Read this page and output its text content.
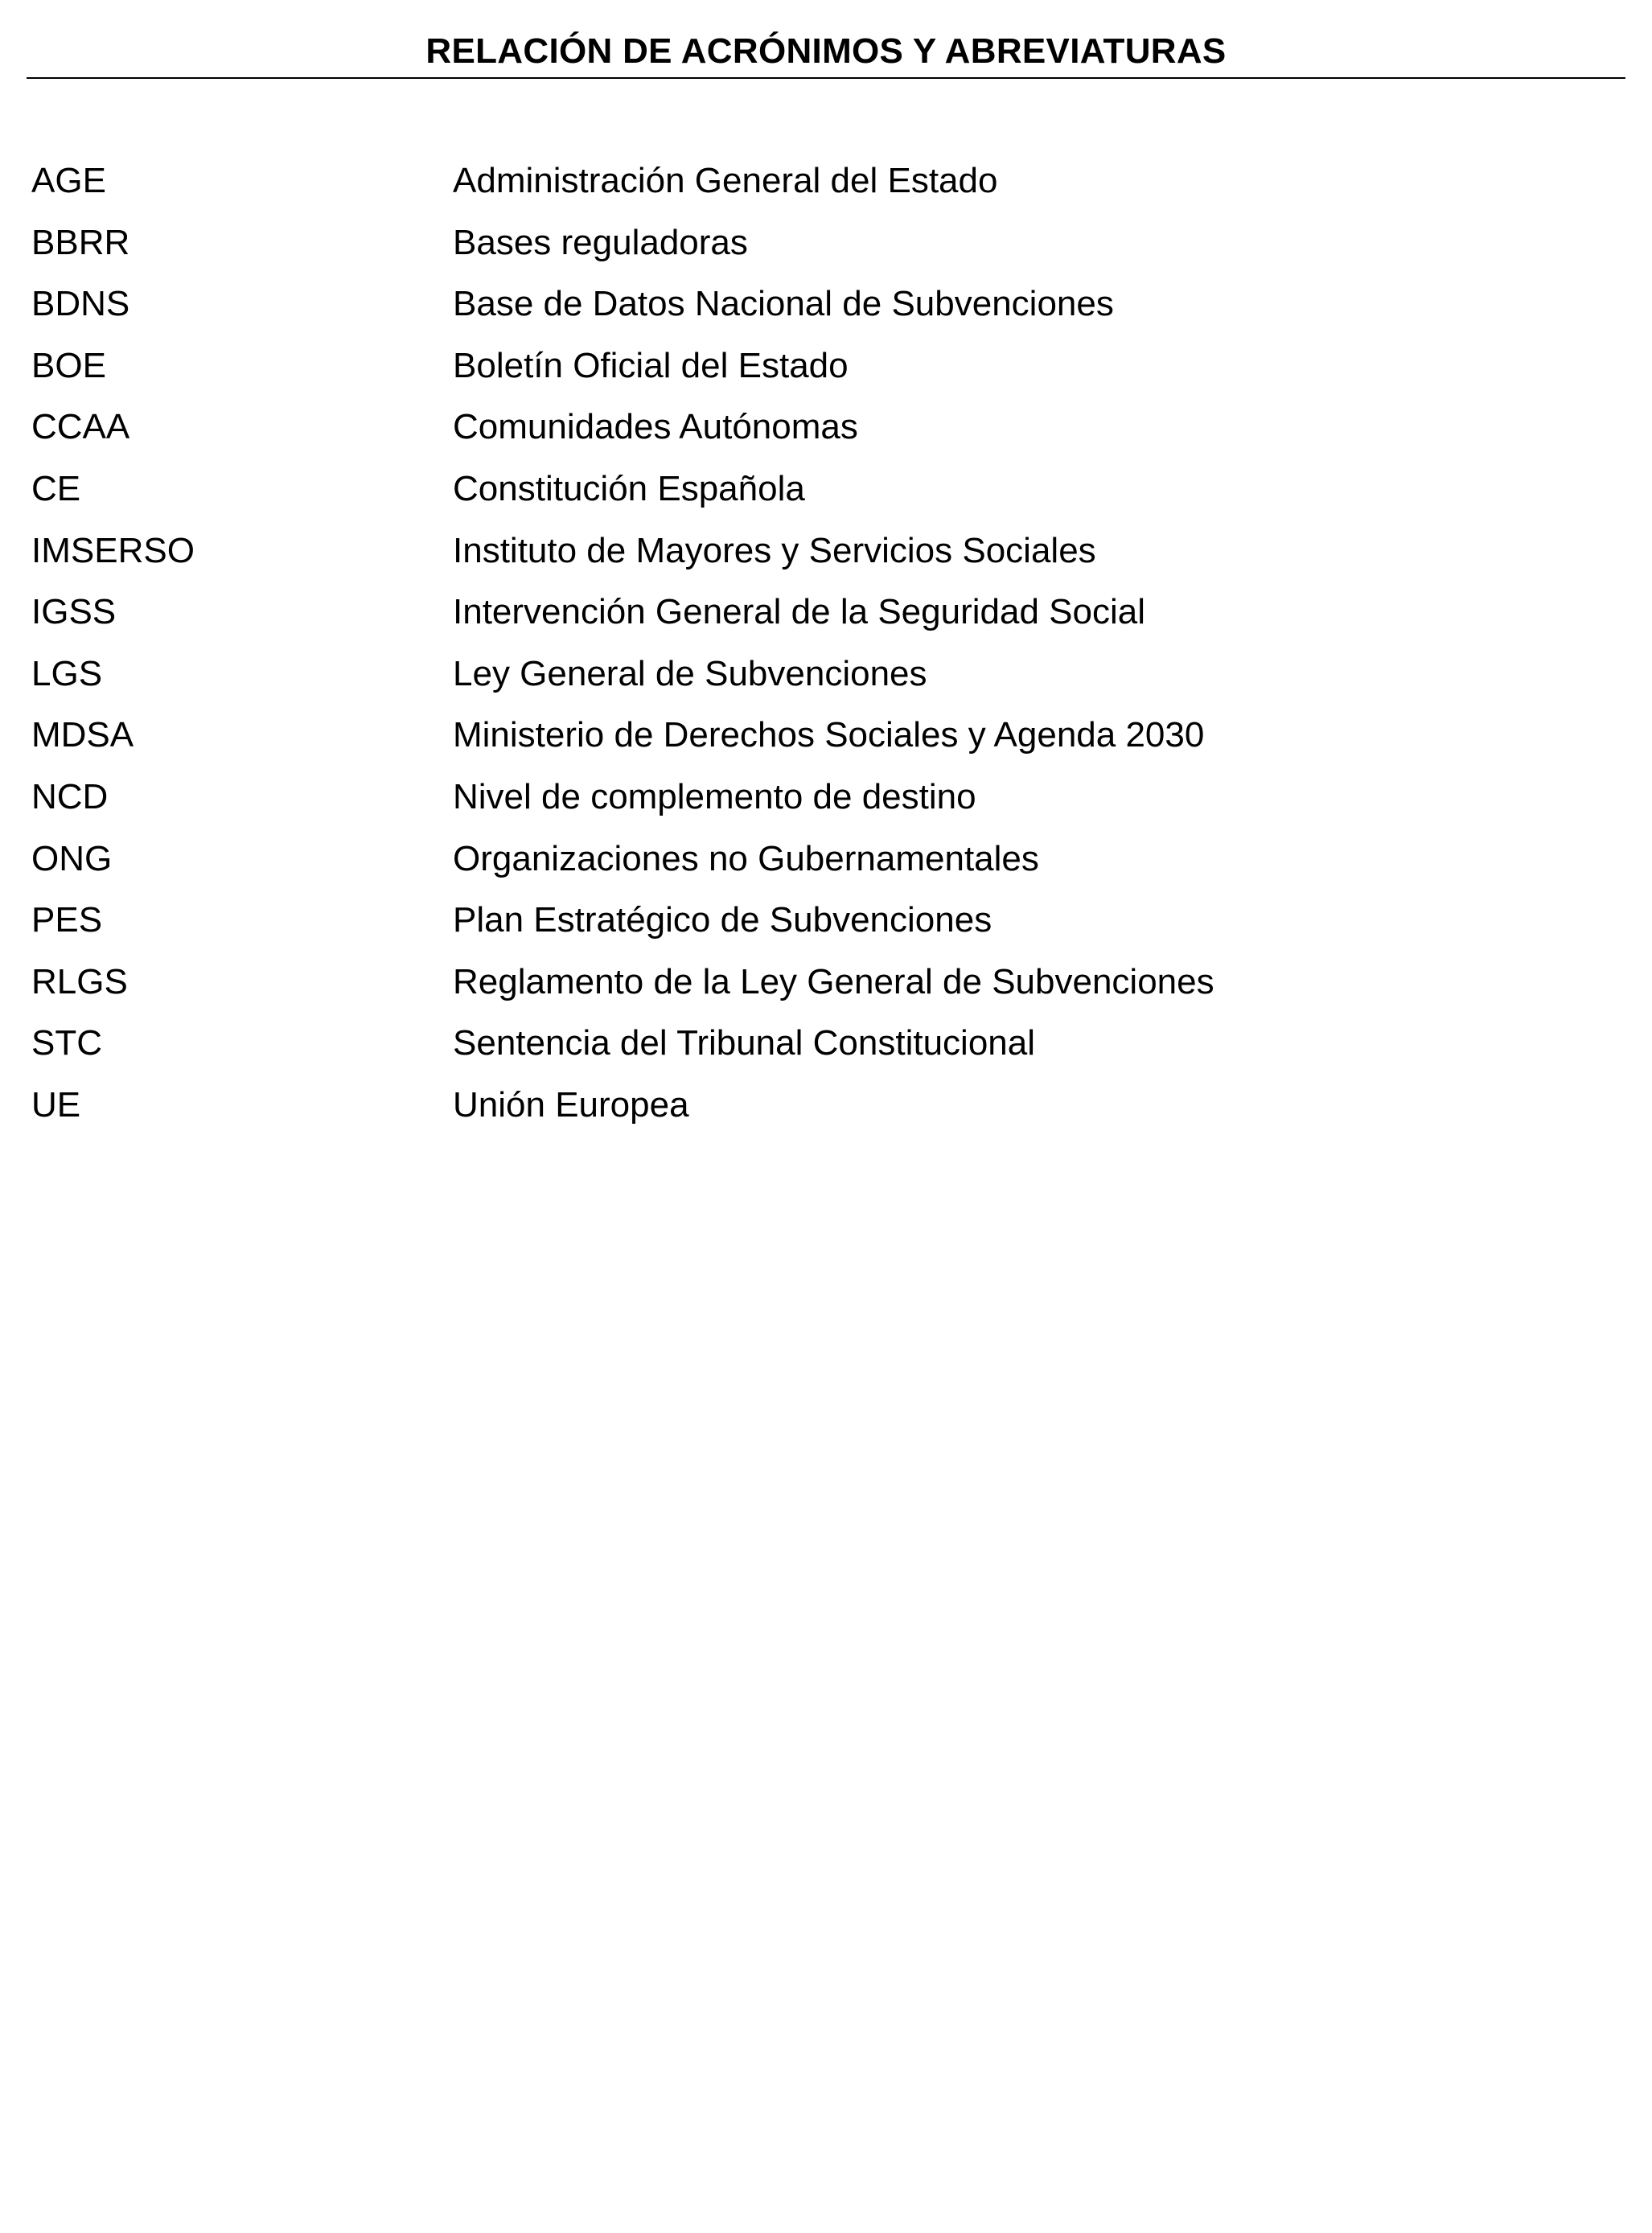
RELACIÓN DE ACRÓNIMOS Y ABREVIATURAS
AGE	Administración General del Estado
BBRR	Bases reguladoras
BDNS	Base de Datos Nacional de Subvenciones
BOE	Boletín Oficial del Estado
CCAA	Comunidades Autónomas
CE	Constitución Española
IMSERSO	Instituto de Mayores y Servicios Sociales
IGSS	Intervención General de la Seguridad Social
LGS	Ley General de Subvenciones
MDSA	Ministerio de Derechos Sociales y Agenda 2030
NCD	Nivel de complemento de destino
ONG	Organizaciones no Gubernamentales
PES	Plan Estratégico de Subvenciones
RLGS	Reglamento de la Ley General de Subvenciones
STC	Sentencia del Tribunal Constitucional
UE	Unión Europea
